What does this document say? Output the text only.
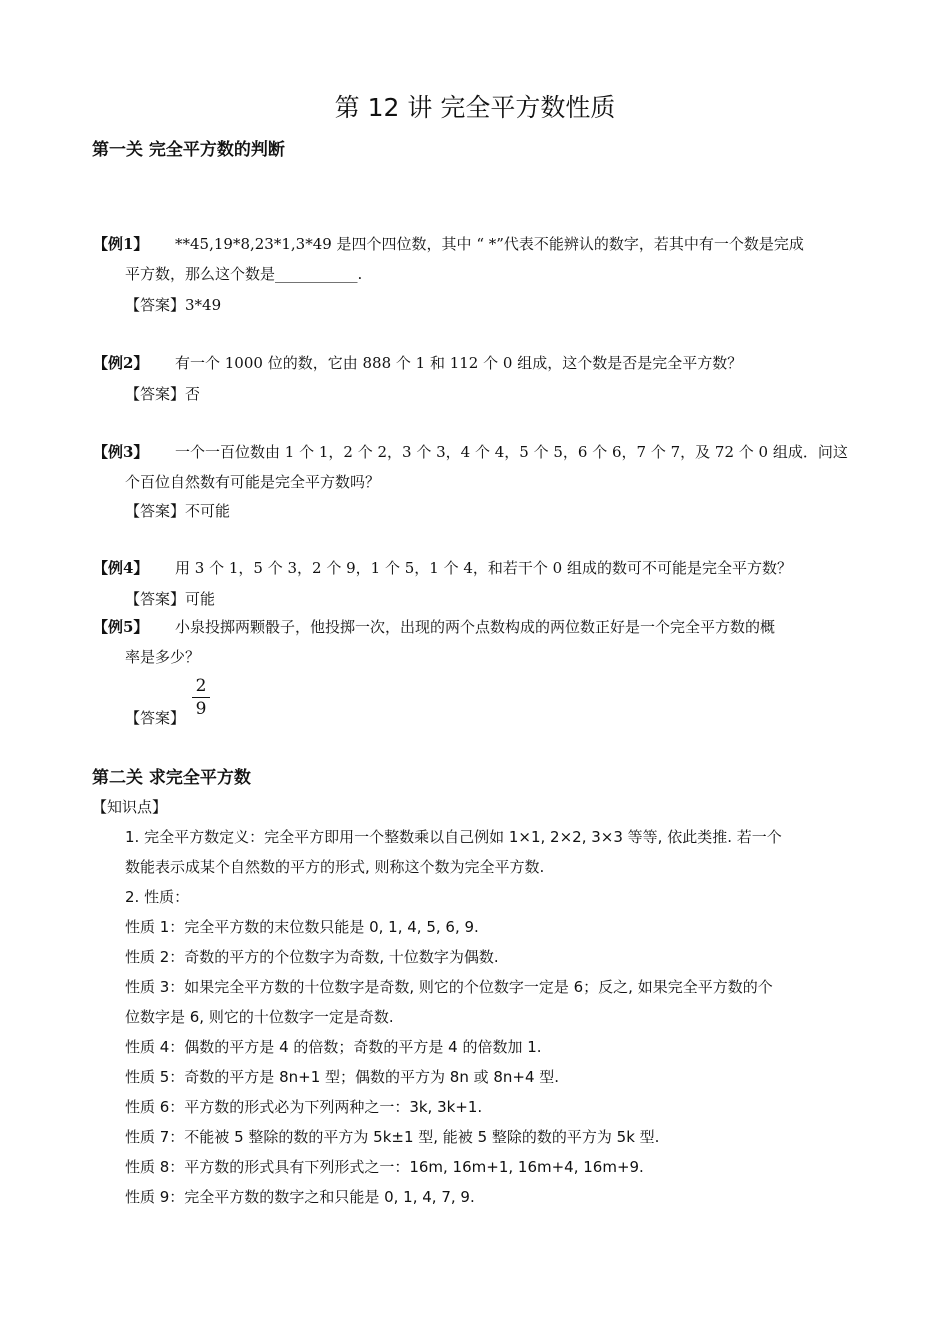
第 12 讲 完全平方数性质
第一关 完全平方数的判断
【例1】 **45,19*8,23*1,3*49 是四个四位数，其中 “ *”代表不能辨认的数字，若其中有一个数是完成
平方数，那么这个数是___________.
【答案】3*49
【例2】 有一个 1000 位的数，它由 888 个 1 和 112 个 0 组成，这个数是否是完全平方数？
【答案】否
【例3】 一个一百位数由 1 个 1，2 个 2，3 个 3，4 个 4，5 个 5，6 个 6，7 个 7，及 72 个 0 组成．问这
个百位自然数有可能是完全平方数吗？
【答案】不可能
【例4】 用 3 个 1，5 个 3，2 个 9，1 个 5，1 个 4，和若干个 0 组成的数可不可能是完全平方数？
【答案】可能
【例5】 小泉投掷两颗骰子，他投掷一次，出现的两个点数构成的两位数正好是一个完全平方数的概
率是多少？
【答案】
2
9
第二关 求完全平方数
【知识点】
1. 完全平方数定义：完全平方即用一个整数乘以自己例如 1×1, 2×2, 3×3 等等, 依此类推. 若一个
数能表示成某个自然数的平方的形式, 则称这个数为完全平方数.
2. 性质：
性质 1：完全平方数的末位数只能是 0, 1, 4, 5, 6, 9.
性质 2：奇数的平方的个位数字为奇数, 十位数字为偶数.
性质 3：如果完全平方数的十位数字是奇数, 则它的个位数字一定是 6；反之, 如果完全平方数的个
位数字是 6, 则它的十位数字一定是奇数.
性质 4：偶数的平方是 4 的倍数；奇数的平方是 4 的倍数加 1.
性质 5：奇数的平方是 8n+1 型；偶数的平方为 8n 或 8n+4 型.
性质 6：平方数的形式必为下列两种之一：3k, 3k+1.
性质 7：不能被 5 整除的数的平方为 5k±1 型, 能被 5 整除的数的平方为 5k 型.
性质 8：平方数的形式具有下列形式之一：16m, 16m+1, 16m+4, 16m+9.
性质 9：完全平方数的数字之和只能是 0, 1, 4, 7, 9.
